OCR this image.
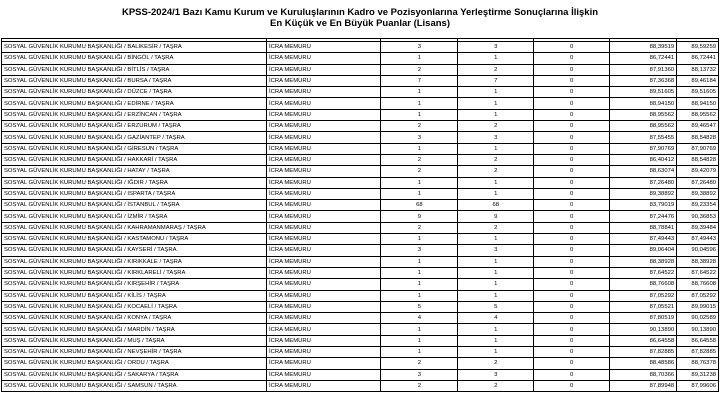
KPSS-2024/1 Bazı Kamu Kurum ve Kuruluşlarının Kadro ve Pozisyonlarına Yerleştirme Sonuçlarına İlişkin
En Küçük ve En Büyük Puanlar (Lisans)

SOSYAL GÜVENLİK KURUMU BAŞKANLIĞI / BALIKESİR / TAŞRA	İCRA MEMURU	3	3	0	88,39519	89,59259
SOSYAL GÜVENLİK KURUMU BAŞKANLIĞI / BİNGÖL / TAŞRA	İCRA MEMURU	1	1	0	86,72441	86,72441
SOSYAL GÜVENLİK KURUMU BAŞKANLIĞI / BİTLİS / TAŞRA	İCRA MEMURU	2	2	0	87,91360	88,13732
SOSYAL GÜVENLİK KURUMU BAŞKANLIĞI / BURSA / TAŞRA	İCRA MEMURU	7	7	0	87,36368	89,46184
SOSYAL GÜVENLİK KURUMU BAŞKANLIĞI / DÜZCE / TAŞRA	İCRA MEMURU	1	1	0	89,51605	89,51605
SOSYAL GÜVENLİK KURUMU BAŞKANLIĞI / EDİRNE / TAŞRA	İCRA MEMURU	1	1	0	88,94150	88,94150
SOSYAL GÜVENLİK KURUMU BAŞKANLIĞI / ERZİNCAN / TAŞRA	İCRA MEMURU	1	1	0	88,95562	88,95562
SOSYAL GÜVENLİK KURUMU BAŞKANLIĞI / ERZURUM / TAŞRA	İCRA MEMURU	2	2	0	88,95562	89,46547
SOSYAL GÜVENLİK KURUMU BAŞKANLIĞI / GAZİANTEP / TAŞRA	İCRA MEMURU	3	3	0	87,55455	88,54828
SOSYAL GÜVENLİK KURUMU BAŞKANLIĞI / GİRESUN / TAŞRA	İCRA MEMURU	1	1	0	87,90769	87,90769
SOSYAL GÜVENLİK KURUMU BAŞKANLIĞI / HAKKARİ / TAŞRA	İCRA MEMURU	2	2	0	86,40412	88,54828
SOSYAL GÜVENLİK KURUMU BAŞKANLIĞI / HATAY / TAŞRA	İCRA MEMURU	2	2	0	88,63074	89,42079
SOSYAL GÜVENLİK KURUMU BAŞKANLIĞI / IĞDIR / TAŞRA	İCRA MEMURU	1	1	0	87,26480	87,26480
SOSYAL GÜVENLİK KURUMU BAŞKANLIĞI / ISPARTA / TAŞRA	İCRA MEMURU	1	1	0	89,38892	89,38892
SOSYAL GÜVENLİK KURUMU BAŞKANLIĞI / İSTANBUL / TAŞRA	İCRA MEMURU	68	68	0	83,79019	89,23354
SOSYAL GÜVENLİK KURUMU BAŞKANLIĞI / İZMİR / TAŞRA	İCRA MEMURU	9	9	0	87,24476	90,36853
SOSYAL GÜVENLİK KURUMU BAŞKANLIĞI / KAHRAMANMARAŞ / TAŞRA	İCRA MEMURU	2	2	0	88,78841	89,39484
SOSYAL GÜVENLİK KURUMU BAŞKANLIĞI / KASTAMONU / TAŞRA	İCRA MEMURU	1	1	0	87,49443	87,49443
SOSYAL GÜVENLİK KURUMU BAŞKANLIĞI / KAYSERİ / TAŞRA	İCRA MEMURU	3	3	0	89,06404	90,04596
SOSYAL GÜVENLİK KURUMU BAŞKANLIĞI / KIRIKKALE / TAŞRA	İCRA MEMURU	1	1	0	88,38928	88,38928
SOSYAL GÜVENLİK KURUMU BAŞKANLIĞI / KIRKLARELİ / TAŞRA	İCRA MEMURU	1	1	0	87,64522	87,64522
SOSYAL GÜVENLİK KURUMU BAŞKANLIĞI / KIRŞEHİR / TAŞRA	İCRA MEMURU	1	1	0	88,76608	88,76608
SOSYAL GÜVENLİK KURUMU BAŞKANLIĞI / KİLİS / TAŞRA	İCRA MEMURU	1	1	0	87,05292	87,05292
SOSYAL GÜVENLİK KURUMU BAŞKANLIĞI / KOCAELİ / TAŞRA	İCRA MEMURU	5	5	0	87,05521	89,99015
SOSYAL GÜVENLİK KURUMU BAŞKANLIĞI / KONYA / TAŞRA	İCRA MEMURU	4	4	0	87,80519	90,02589
SOSYAL GÜVENLİK KURUMU BAŞKANLIĞI / MARDİN / TAŞRA	İCRA MEMURU	1	1	0	90,13890	90,13890
SOSYAL GÜVENLİK KURUMU BAŞKANLIĞI / MUŞ / TAŞRA	İCRA MEMURU	1	1	0	86,64558	86,64558
SOSYAL GÜVENLİK KURUMU BAŞKANLIĞI / NEVŞEHİR / TAŞRA	İCRA MEMURU	1	1	0	87,82885	87,82885
SOSYAL GÜVENLİK KURUMU BAŞKANLIĞI / ORDU / TAŞRA	İCRA MEMURU	2	2	0	88,48586	88,76378
SOSYAL GÜVENLİK KURUMU BAŞKANLIĞI / SAKARYA / TAŞRA	İCRA MEMURU	3	3	0	88,70366	89,31238
SOSYAL GÜVENLİK KURUMU BAŞKANLIĞI / SAMSUN / TAŞRA	İCRA MEMURU	2	2	0	87,89948	87,99606
